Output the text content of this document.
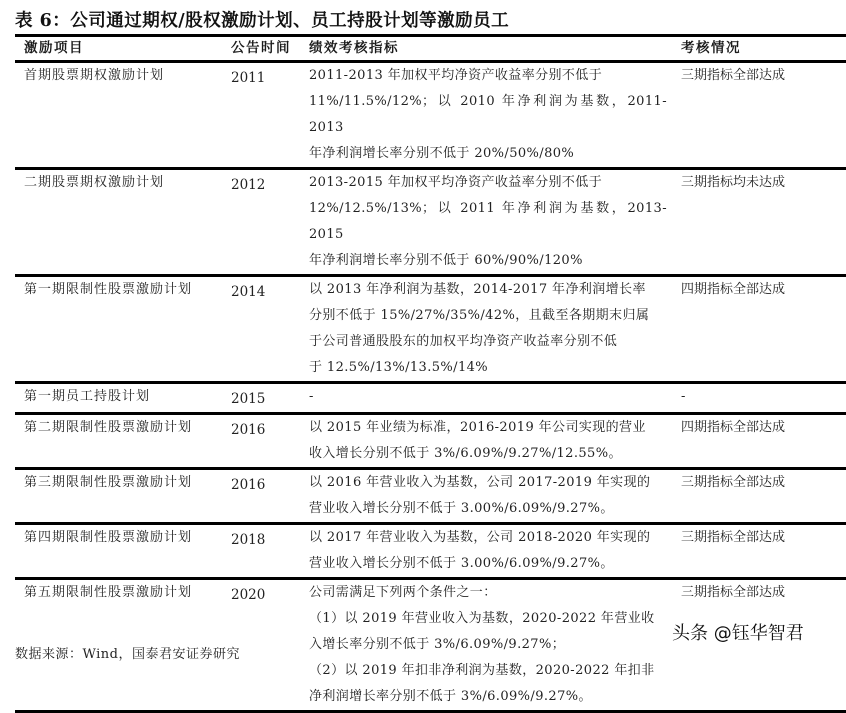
表 6：公司通过期权/股权激励计划、员工持股计划等激励员工
激励项目	公告时间	绩效考核指标	考核情况
首期股票期权激励计划	2011	2011-2013 年加权平均净资产收益率分别不低于
11%/11.5%/12%；以 2010 年净利润为基数，2011-2013
年净利润增长率分别不低于 20%/50%/80%	三期指标全部达成
二期股票期权激励计划	2012	2013-2015 年加权平均净资产收益率分别不低于
12%/12.5%/13%；以 2011 年净利润为基数，2013-2015
年净利润增长率分别不低于 60%/90%/120%	三期指标均未达成
第一期限制性股票激励计划	2014	以 2013 年净利润为基数，2014-2017 年净利润增长率
分别不低于 15%/27%/35%/42%，且截至各期期末归属
于公司普通股股东的加权平均净资产收益率分别不低
于 12.5%/13%/13.5%/14%	四期指标全部达成
第一期员工持股计划	2015	-	-
第二期限制性股票激励计划	2016	以 2015 年业绩为标准，2016-2019 年公司实现的营业
收入增长分别不低于 3%/6.09%/9.27%/12.55%。	四期指标全部达成
第三期限制性股票激励计划	2016	以 2016 年营业收入为基数，公司 2017-2019 年实现的
营业收入增长分别不低于 3.00%/6.09%/9.27%。	三期指标全部达成
第四期限制性股票激励计划	2018	以 2017 年营业收入为基数，公司 2018-2020 年实现的
营业收入增长分别不低于 3.00%/6.09%/9.27%。	三期指标全部达成
第五期限制性股票激励计划	2020	公司需满足下列两个条件之一：
（1）以 2019 年营业收入为基数，2020-2022 年营业收
入增长率分别不低于 3%/6.09%/9.27%；
（2）以 2019 年扣非净利润为基数，2020-2022 年扣非
净利润增长率分别不低于 3%/6.09%/9.27%。	三期指标全部达成
数据来源：Wind，国泰君安证券研究
头条 @钰华智君
